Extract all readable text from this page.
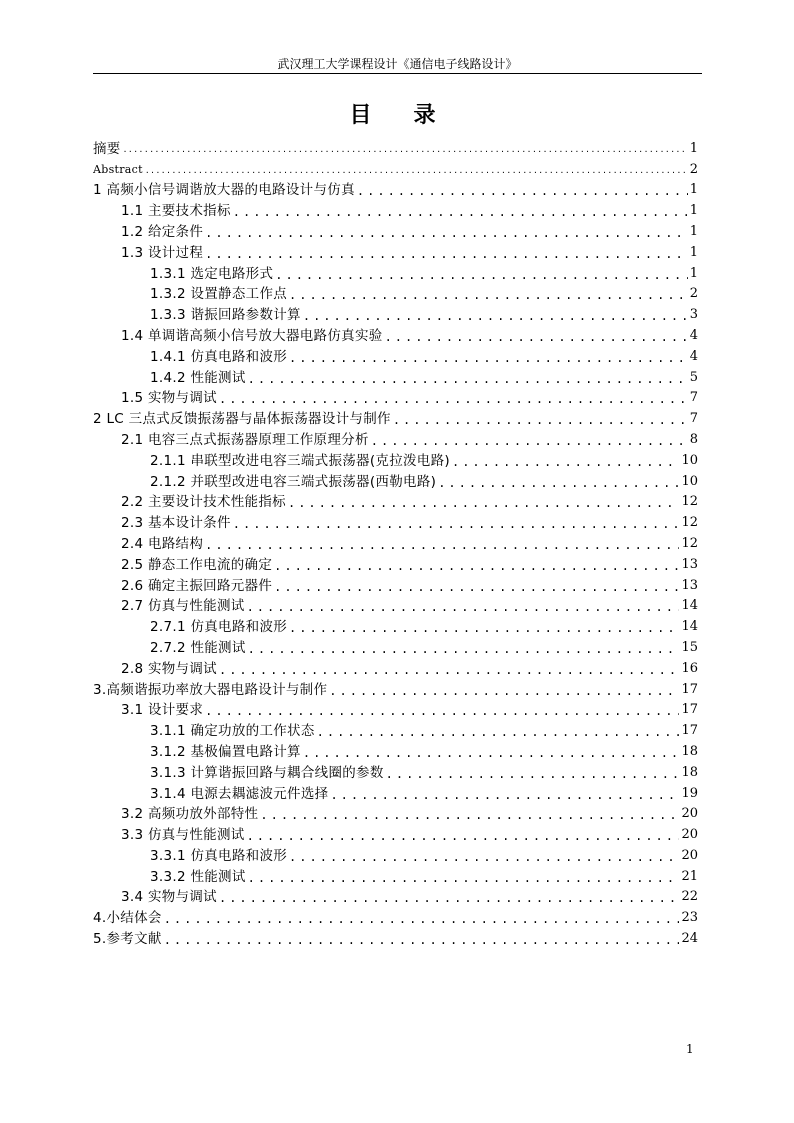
武汉理工大学课程设计《通信电子线路设计》
目　录
摘要 .....	1
Abstract .....	2
1 高频小信号调谐放大器的电路设计与仿真 .....	1
1.1 主要技术指标 .....	1
1.2 给定条件 .....	1
1.3 设计过程 .....	1
1.3.1 选定电路形式 .....	1
1.3.2 设置静态工作点 .....	2
1.3.3 谐振回路参数计算 .....	3
1.4 单调谐高频小信号放大器电路仿真实验 .....	4
1.4.1 仿真电路和波形 .....	4
1.4.2 性能测试 .....	5
1.5 实物与调试 .....	7
2 LC 三点式反馈振荡器与晶体振荡器设计与制作 .....	7
2.1 电容三点式振荡器原理工作原理分析 .....	8
2.1.1 串联型改进电容三端式振荡器(克拉泼电路) .....	10
2.1.2 并联型改进电容三端式振荡器(西勒电路) .....	10
2.2 主要设计技术性能指标 .....	12
2.3 基本设计条件 .....	12
2.4 电路结构 .....	12
2.5 静态工作电流的确定 .....	13
2.6 确定主振回路元器件 .....	13
2.7 仿真与性能测试 .....	14
2.7.1 仿真电路和波形 .....	14
2.7.2 性能测试 .....	15
2.8 实物与调试 .....	16
3.高频谐振功率放大器电路设计与制作 .....	17
3.1 设计要求 .....	17
3.1.1 确定功放的工作状态 .....	17
3.1.2 基极偏置电路计算 .....	18
3.1.3 计算谐振回路与耦合线圈的参数 .....	18
3.1.4 电源去耦滤波元件选择 .....	19
3.2 高频功放外部特性 .....	20
3.3 仿真与性能测试 .....	20
3.3.1 仿真电路和波形 .....	20
3.3.2 性能测试 .....	21
3.4 实物与调试 .....	22
4.小结体会 .....	23
5.参考文献 .....	24
1
